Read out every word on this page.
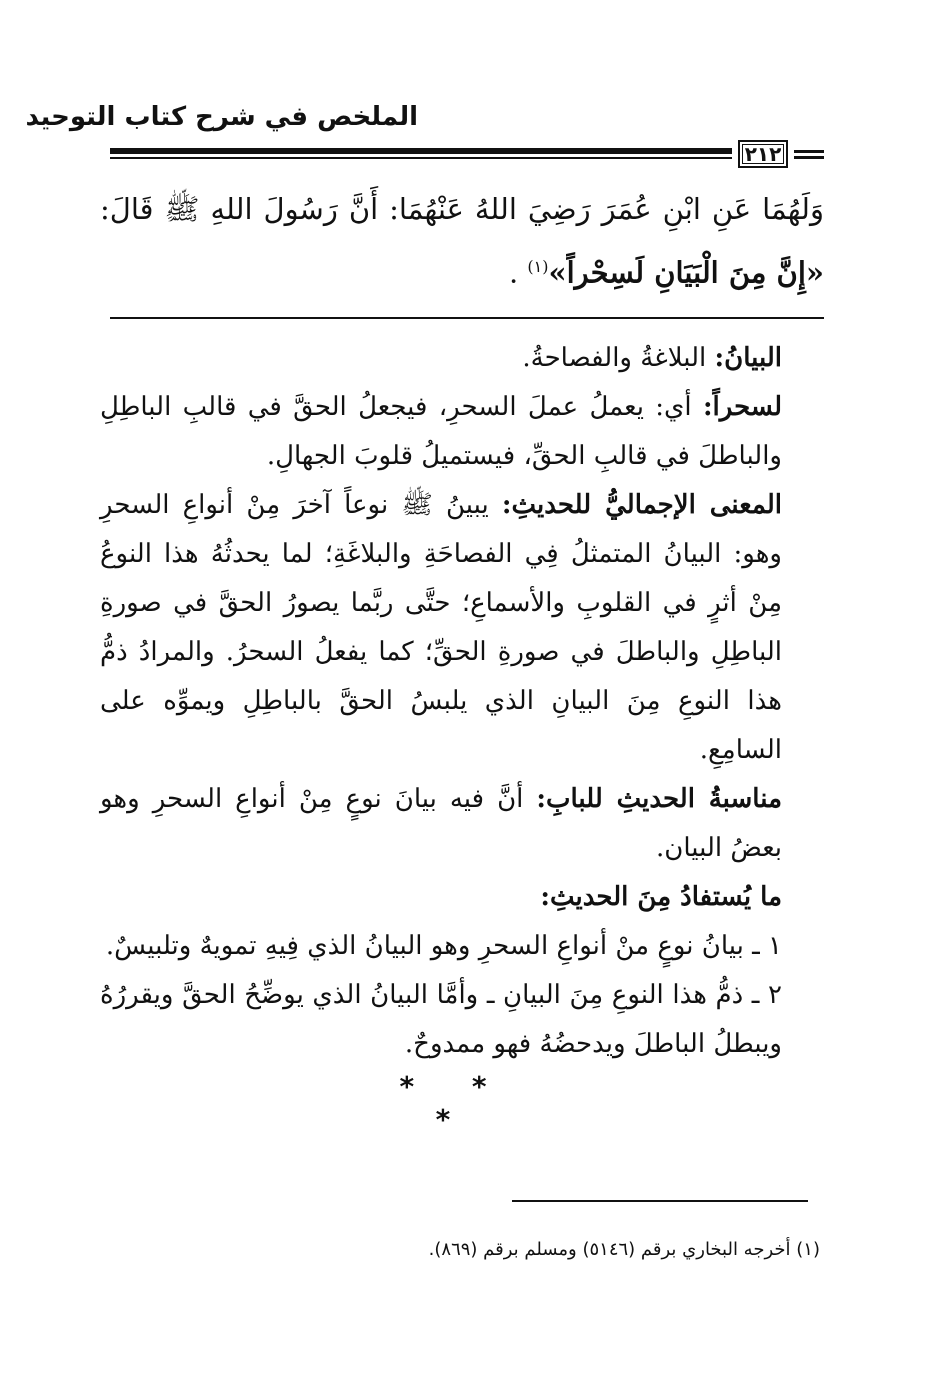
الملخص في شرح كتاب التوحيد
٢١٢
وَلَهُمَا عَنِ ابْنِ عُمَرَ رَضِيَ اللهُ عَنْهُمَا: أَنَّ رَسُولَ اللهِ ﷺ قَالَ: «إِنَّ مِنَ الْبَيَانِ لَسِحْراً»$^{(١)}$ .

البيانُ: البلاغةُ والفصاحةُ.

لسحراً: أي: يعملُ عملَ السحرِ، فيجعلُ الحقَّ في قالبِ الباطِلِ والباطلَ في قالبِ الحقِّ، فيستميلُ قلوبَ الجهالِ.

المعنى الإجماليُّ للحديثِ: يبينُ ﷺ نوعاً آخرَ مِنْ أنواعِ السحرِ وهو: البيانُ المتمثلُ فِي الفصاحَةِ والبلاغَةِ؛ لما يحدثُهُ هذا النوعُ مِنْ أثرٍ في القلوبِ والأسماعِ؛ حتَّى ربَّما يصورُ الحقَّ في صورةِ الباطِلِ والباطلَ في صورةِ الحقِّ؛ كما يفعلُ السحرُ. والمرادُ ذمُّ هذا النوعِ مِنَ البيانِ الذي يلبسُ الحقَّ بالباطِلِ ويموِّه على السامِعِ.

مناسبةُ الحديثِ للبابِ: أنَّ فيه بيانَ نوعٍ مِنْ أنواعِ السحرِ وهو بعضُ البيان.

ما يُستفادُ مِنَ الحديثِ:

١ ـ بيانُ نوعٍ منْ أنواعِ السحرِ وهو البيانُ الذي فِيهِ تمويهٌ وتلبيسٌ.

٢ ـ ذمُّ هذا النوعِ مِنَ البيانِ ـ وأمَّا البيانُ الذي يوضِّحُ الحقَّ ويقررُهُ ويبطلُ الباطلَ ويدحضُهُ فهو ممدوحٌ.

* * *
(١) أخرجه البخاري برقم (٥١٤٦) ومسلم برقم (٨٦٩).
